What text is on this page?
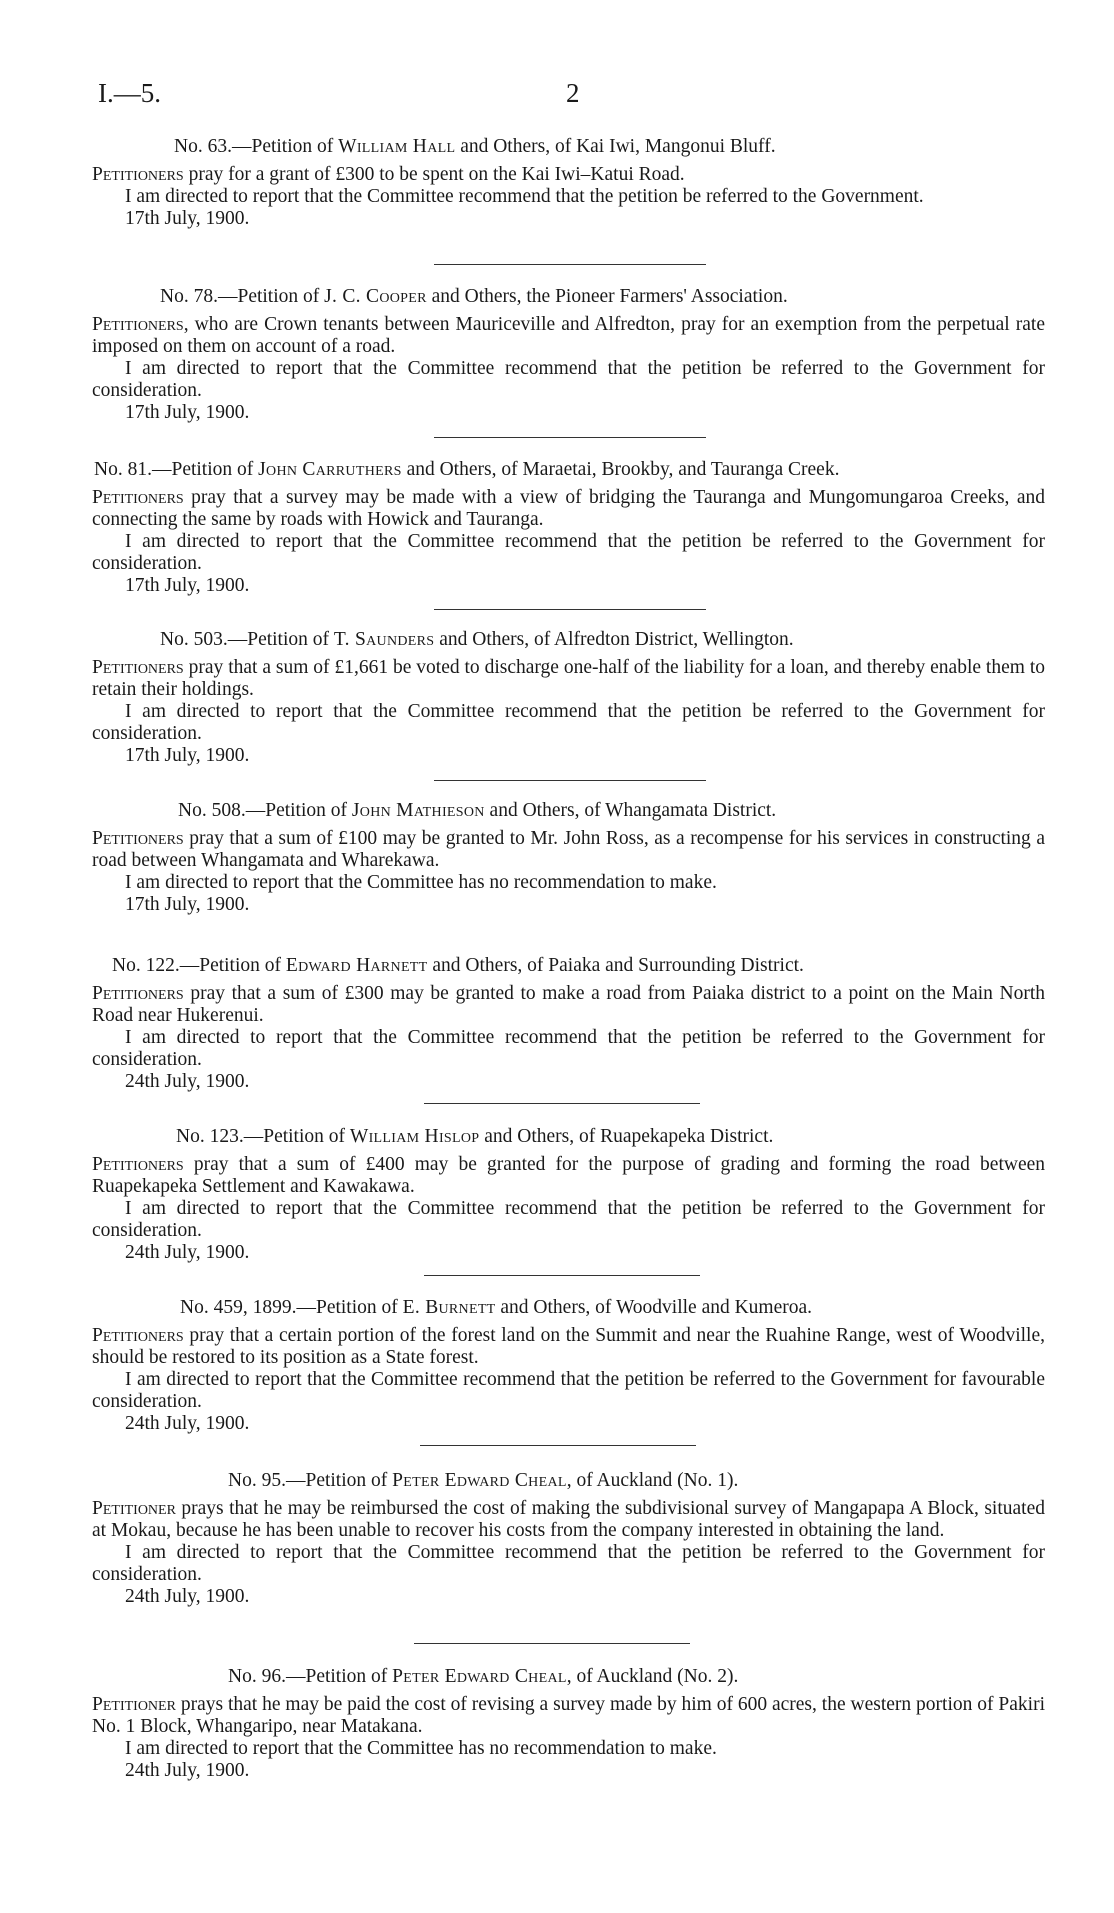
I.—5.	2

No. 63.—Petition of William Hall and Others, of Kai Iwi, Mangonui Bluff.

Petitioners pray for a grant of £300 to be spent on the Kai Iwi–Katui Road.

I am directed to report that the Committee recommend that the petition be referred to the Government.

17th July, 1900.

No. 78.—Petition of J. C. Cooper and Others, the Pioneer Farmers' Association.

Petitioners, who are Crown tenants between Mauriceville and Alfredton, pray for an exemption from the perpetual rate imposed on them on account of a road.

I am directed to report that the Committee recommend that the petition be referred to the Government for consideration.

17th July, 1900.

No. 81.—Petition of John Carruthers and Others, of Maraetai, Brookby, and Tauranga Creek.

Petitioners pray that a survey may be made with a view of bridging the Tauranga and Mungomungaroa Creeks, and connecting the same by roads with Howick and Tauranga.

I am directed to report that the Committee recommend that the petition be referred to the Government for consideration.

17th July, 1900.

No. 503.—Petition of T. Saunders and Others, of Alfredton District, Wellington.

Petitioners pray that a sum of £1,661 be voted to discharge one-half of the liability for a loan, and thereby enable them to retain their holdings.

I am directed to report that the Committee recommend that the petition be referred to the Government for consideration.

17th July, 1900.

No. 508.—Petition of John Mathieson and Others, of Whangamata District.

Petitioners pray that a sum of £100 may be granted to Mr. John Ross, as a recompense for his services in constructing a road between Whangamata and Wharekawa.

I am directed to report that the Committee has no recommendation to make.

17th July, 1900.

No. 122.—Petition of Edward Harnett and Others, of Paiaka and Surrounding District.

Petitioners pray that a sum of £300 may be granted to make a road from Paiaka district to a point on the Main North Road near Hukerenui.

I am directed to report that the Committee recommend that the petition be referred to the Government for consideration.

24th July, 1900.

No. 123.—Petition of William Hislop and Others, of Ruapekapeka District.

Petitioners pray that a sum of £400 may be granted for the purpose of grading and forming the road between Ruapekapeka Settlement and Kawakawa.

I am directed to report that the Committee recommend that the petition be referred to the Government for consideration.

24th July, 1900.

No. 459, 1899.—Petition of E. Burnett and Others, of Woodville and Kumeroa.

Petitioners pray that a certain portion of the forest land on the Summit and near the Ruahine Range, west of Woodville, should be restored to its position as a State forest.

I am directed to report that the Committee recommend that the petition be referred to the Government for favourable consideration.

24th July, 1900.

No. 95.—Petition of Peter Edward Cheal, of Auckland (No. 1).

Petitioner prays that he may be reimbursed the cost of making the subdivisional survey of Mangapapa A Block, situated at Mokau, because he has been unable to recover his costs from the company interested in obtaining the land.

I am directed to report that the Committee recommend that the petition be referred to the Government for consideration.

24th July, 1900.

No. 96.—Petition of Peter Edward Cheal, of Auckland (No. 2).

Petitioner prays that he may be paid the cost of revising a survey made by him of 600 acres, the western portion of Pakiri No. 1 Block, Whangaripo, near Matakana.

I am directed to report that the Committee has no recommendation to make.

24th July, 1900.
